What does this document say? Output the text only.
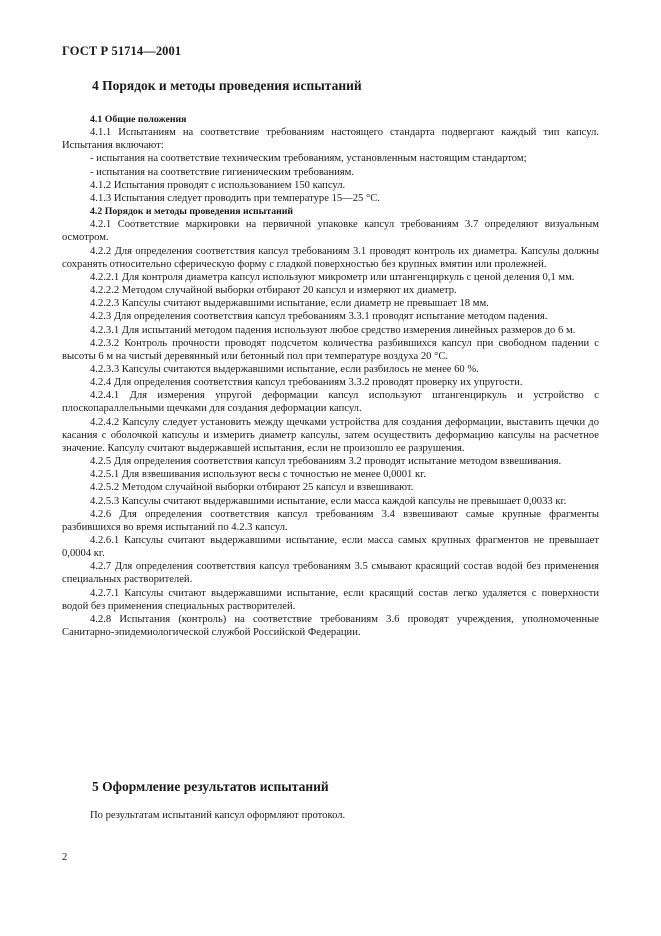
ГОСТ Р 51714—2001
4 Порядок и методы проведения испытаний

4.1 Общие положения

4.1.1 Испытаниям на соответствие требованиям настоящего стандарта подвергают каждый тип капсул. Испытания включают:

- испытания на соответствие техническим требованиям, установленным настоящим стандартом;

- испытания на соответствие гигиеническим требованиям.

4.1.2 Испытания проводят с использованием 150 капсул.

4.1.3 Испытания следует проводить при температуре 15—25 °С.

4.2 Порядок и методы проведения испытаний

4.2.1 Соответствие маркировки на первичной упаковке капсул требованиям 3.7 определяют визуальным осмотром.

4.2.2 Для определения соответствия капсул требованиям 3.1 проводят контроль их диаметра. Капсулы должны сохранять относительно сферическую форму с гладкой поверхностью без крупных вмятин или пролежней.

4.2.2.1 Для контроля диаметра капсул используют микрометр или штангенциркуль с ценой деления 0,1 мм.

4.2.2.2 Методом случайной выборки отбирают 20 капсул и измеряют их диаметр.

4.2.2.3 Капсулы считают выдержавшими испытание, если диаметр не превышает 18 мм.

4.2.3 Для определения соответствия капсул требованиям 3.3.1 проводят испытание методом падения.

4.2.3.1 Для испытаний методом падения используют любое средство измерения линейных размеров до 6 м.

4.2.3.2 Контроль прочности проводят подсчетом количества разбившихся капсул при свободном падении с высоты 6 м на чистый деревянный или бетонный пол при температуре воздуха 20 °С.

4.2.3.3 Капсулы считаются выдержавшими испытание, если разбилось не менее 60 %.

4.2.4 Для определения соответствия капсул требованиям 3.3.2 проводят проверку их упругости.

4.2.4.1 Для измерения упругой деформации капсул используют штангенциркуль и устройство с плоскопараллельными щечками для создания деформации капсул.

4.2.4.2 Капсулу следует установить между щечками устройства для создания деформации, выставить щечки до касания с оболочкой капсулы и измерить диаметр капсулы, затем осуществить деформацию капсулы на расчетное значение. Капсулу считают выдержавшей испытания, если не произошло ее разрушения.

4.2.5 Для определения соответствия капсул требованиям 3.2 проводят испытание методом взвешивания.

4.2.5.1 Для взвешивания используют весы с точностью не менее 0,0001 кг.

4.2.5.2 Методом случайной выборки отбирают 25 капсул и взвешивают.

4.2.5.3 Капсулы считают выдержавшими испытание, если масса каждой капсулы не превышает 0,0033 кг.

4.2.6 Для определения соответствия капсул требованиям 3.4 взвешивают самые крупные фрагменты разбившихся во время испытаний по 4.2.3 капсул.

4.2.6.1 Капсулы считают выдержавшими испытание, если масса самых крупных фрагментов не превышает 0,0004 кг.

4.2.7 Для определения соответствия капсул требованиям 3.5 смывают красящий состав водой без применения специальных растворителей.

4.2.7.1 Капсулы считают выдержавшими испытание, если красящий состав легко удаляется с поверхности водой без применения специальных растворителей.

4.2.8 Испытания (контроль) на соответствие требованиям 3.6 проводят учреждения, уполномоченные Санитарно-эпидемиологической службой Российской Федерации.

5 Оформление результатов испытаний
По результатам испытаний капсул оформляют протокол.
2
